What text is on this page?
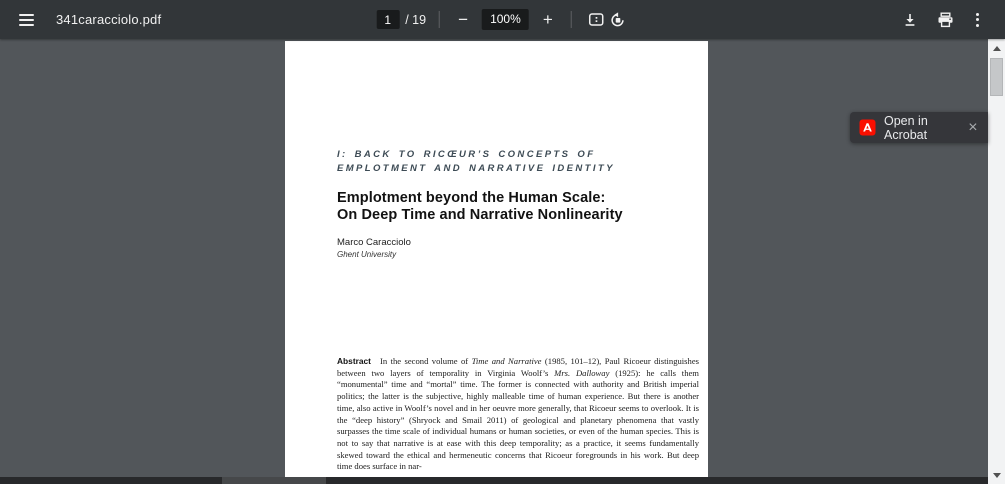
341caracciolo.pdf
1	/ 19 −	100%	+
I: BACK TO RICŒUR’S CONCEPTS OF
EMPLOTMENT AND NARRATIVE IDENTITY
Emplotment beyond the Human Scale:
On Deep Time and Narrative Nonlinearity
Marco Caracciolo
Ghent University

Abstract In the second volume of Time and Narrative (1985, 101–12), Paul Ricoeur distinguishes between two layers of temporality in Virginia Woolf’s Mrs. Dalloway (1925): he calls them “monumental” time and “mortal” time. The former is connected with authority and British imperial politics; the latter is the subjective, highly malleable time of human experience. But there is another time, also active in Woolf’s novel and in her oeuvre more generally, that Ricoeur seems to overlook. It is the “deep history” (Shryock and Smail 2011) of geological and planetary phenomena that vastly surpasses the time scale of individual humans or human societies, or even of the human species. This is not to say that narrative is at ease with this deep temporality; as a practice, it seems fundamentally skewed toward the ethical and hermeneutic concerns that Ricoeur foregrounds in his work. But deep time does surface in nar-

Open in Acrobat	×
